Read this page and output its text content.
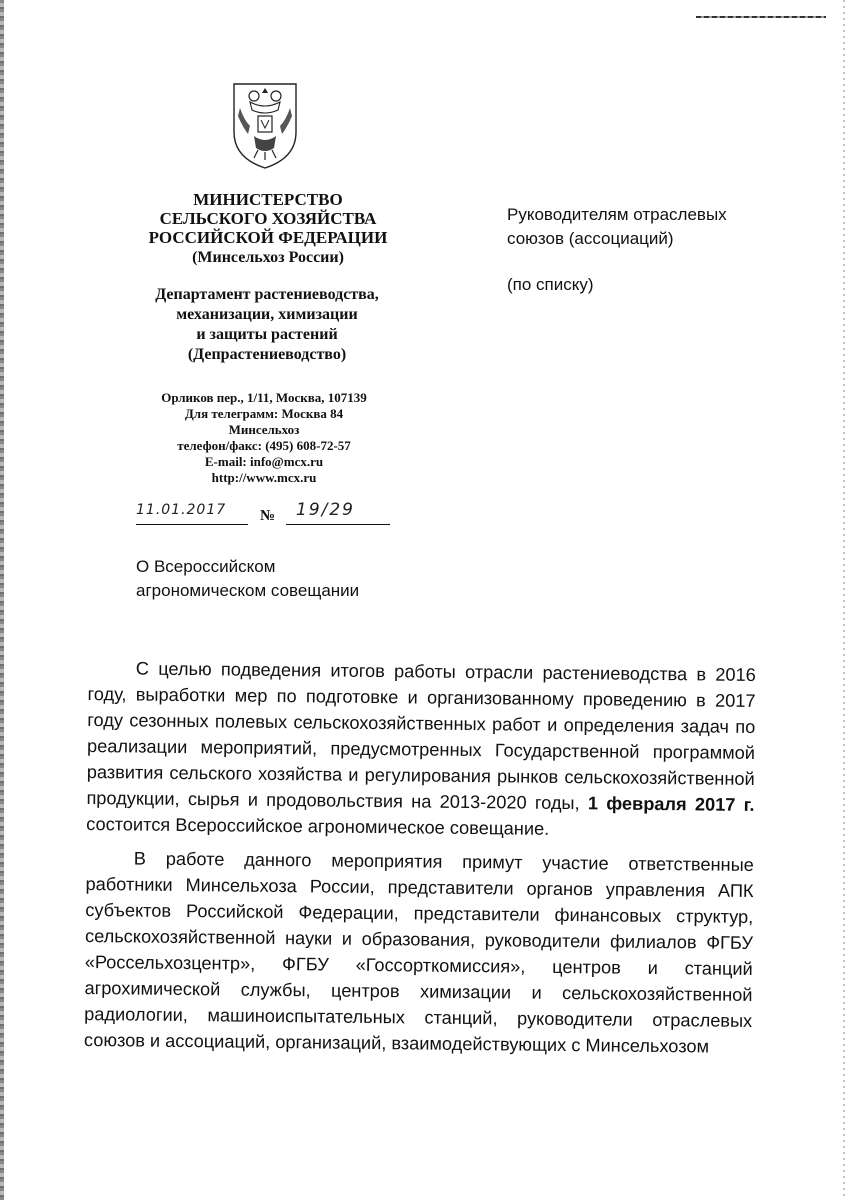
МИНИСТЕРСТВО
СЕЛЬСКОГО ХОЗЯЙСТВА
РОССИЙСКОЙ ФЕДЕРАЦИИ
(Минсельхоз России)
Департамент растениеводства,
механизации, химизации
и защиты растений
(Депрастениеводство)
Орликов пер., 1/11, Москва, 107139
Для телеграмм: Москва 84
Минсельхоз
телефон/факс: (495) 608-72-57
E-mail: info@mcx.ru
http://www.mcx.ru
11.01.2017 № 19/29
О Всероссийском
агрономическом совещании
Руководителям отраслевых
союзов (ассоциаций)
(по списку)

С целью подведения итогов работы отрасли растениеводства в 2016 году, выработки мер по подготовке и организованному проведению в 2017 году сезонных полевых сельскохозяйственных работ и определения задач по реализации мероприятий, предусмотренных Государственной программой развития сельского хозяйства и регулирования рынков сельскохозяйственной продукции, сырья и продовольствия на 2013-2020 годы, 1 февраля 2017 г. состоится Всероссийское агрономическое совещание.

В работе данного мероприятия примут участие ответственные работники Минсельхоза России, представители органов управления АПК субъектов Российской Федерации, представители финансовых структур, сельскохозяйственной науки и образования, руководители филиалов ФГБУ «Россельхозцентр», ФГБУ «Госсорткомиссия», центров и станций агрохимической службы, центров химизации и сельскохозяйственной радиологии, машиноиспытательных станций, руководители отраслевых союзов и ассоциаций, организаций, взаимодействующих с Минсельхозом
